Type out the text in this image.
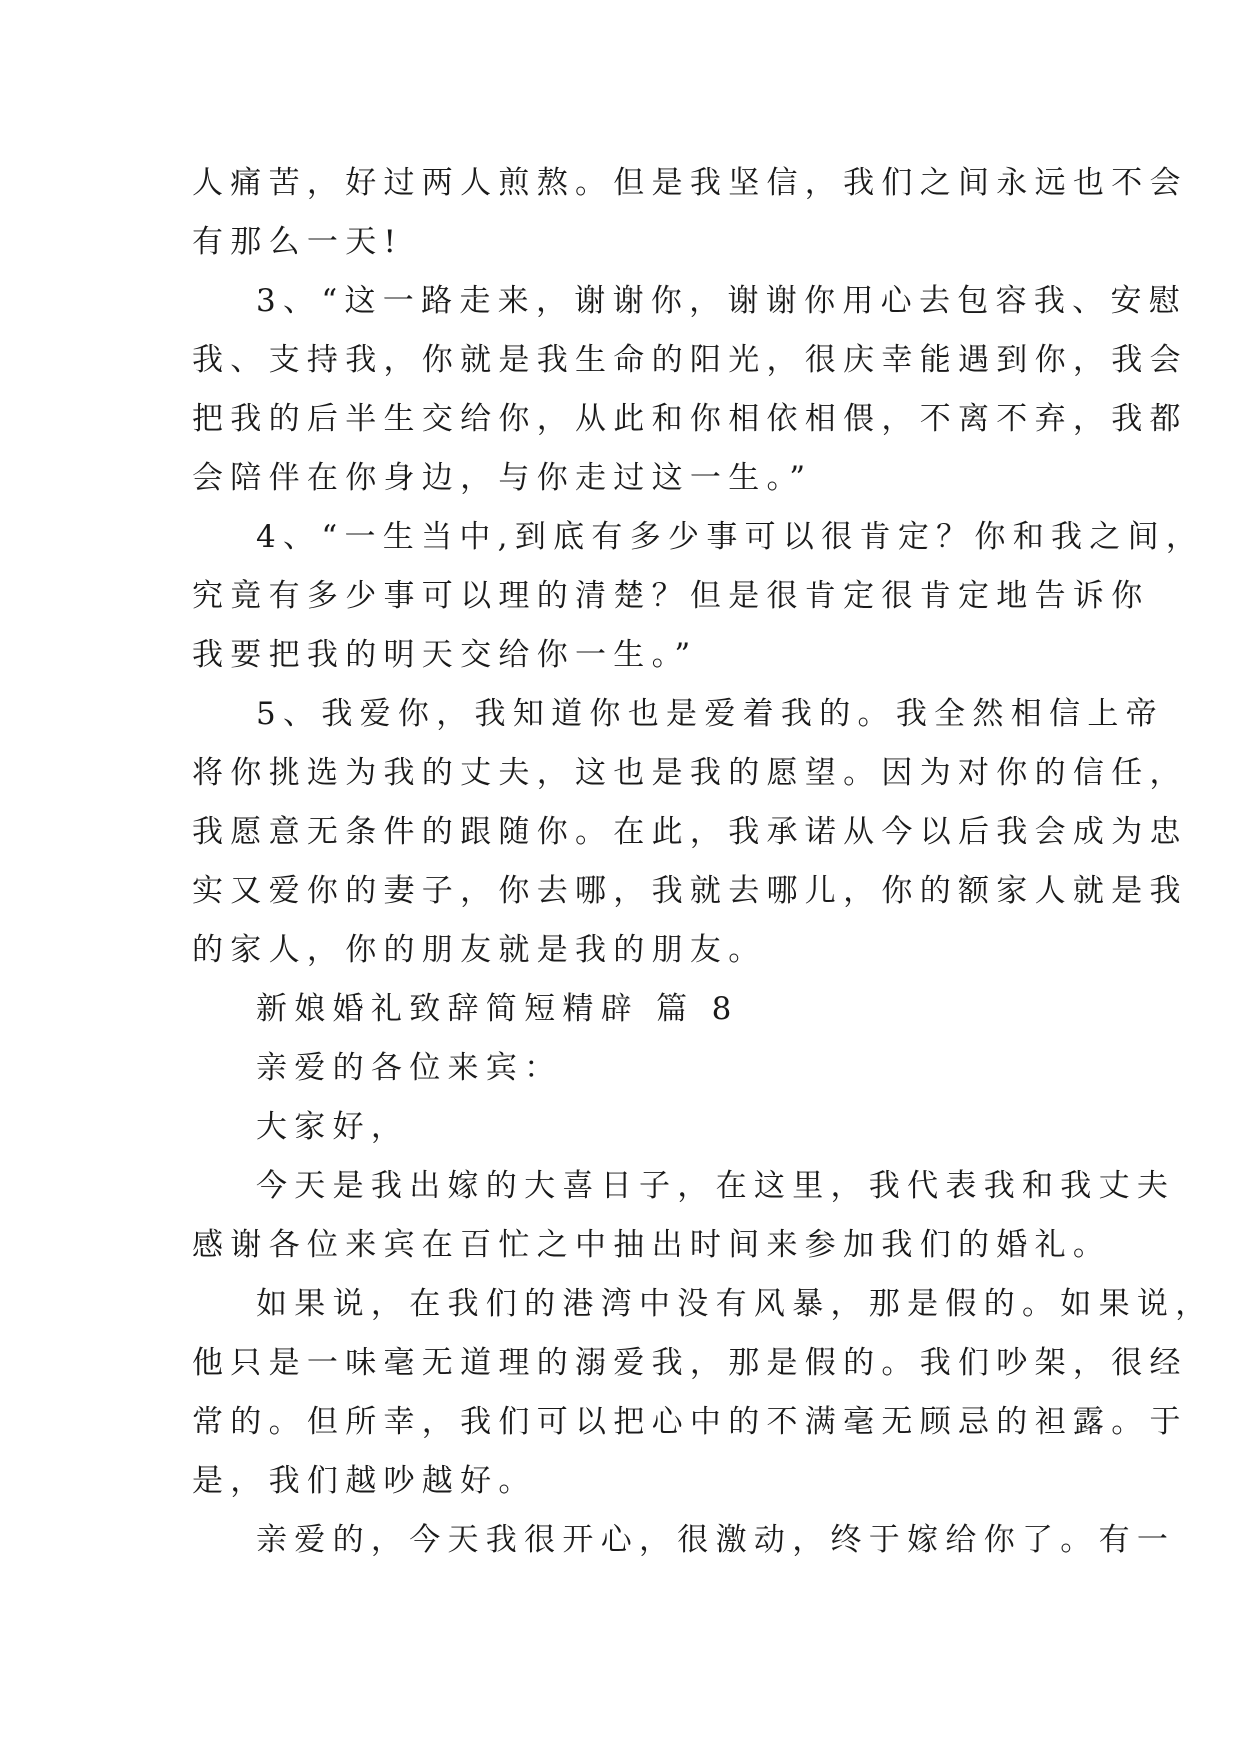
人痛苦，好过两人煎熬。但是我坚信，我们之间永远也不会
有那么一天!
3、“这一路走来，谢谢你，谢谢你用心去包容我、安慰
我、支持我，你就是我生命的阳光，很庆幸能遇到你，我会
把我的后半生交给你，从此和你相依相偎，不离不弃，我都
会陪伴在你身边，与你走过这一生。”
4、“一生当中,到底有多少事可以很肯定？你和我之间，
究竟有多少事可以理的清楚？但是很肯定很肯定地告诉你
我要把我的明天交给你一生。”
5、我爱你，我知道你也是爱着我的。我全然相信上帝
将你挑选为我的丈夫，这也是我的愿望。因为对你的信任，
我愿意无条件的跟随你。在此，我承诺从今以后我会成为忠
实又爱你的妻子，你去哪，我就去哪儿，你的额家人就是我
的家人，你的朋友就是我的朋友。
新娘婚礼致辞简短精辟 篇 8
亲爱的各位来宾：
大家好，
今天是我出嫁的大喜日子，在这里，我代表我和我丈夫
感谢各位来宾在百忙之中抽出时间来参加我们的婚礼。
如果说，在我们的港湾中没有风暴，那是假的。如果说，
他只是一味毫无道理的溺爱我，那是假的。我们吵架，很经
常的。但所幸，我们可以把心中的不满毫无顾忌的袒露。于
是，我们越吵越好。
亲爱的，今天我很开心，很激动，终于嫁给你了。有一
